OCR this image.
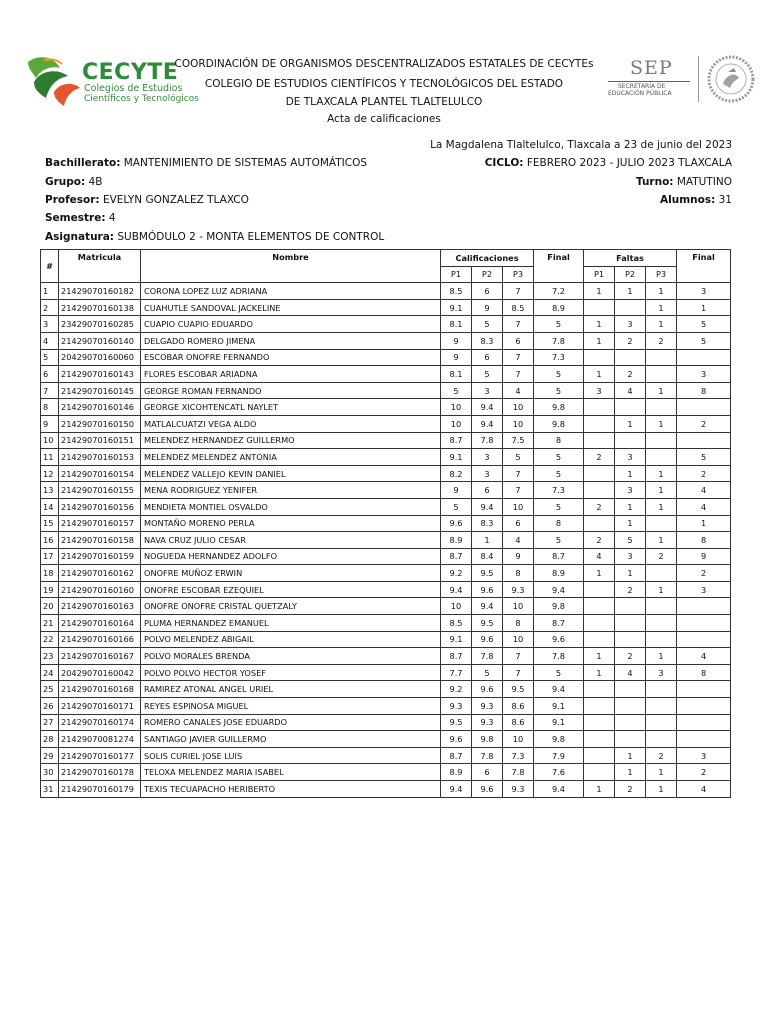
CECYTE
Colegios de Estudios
Científicos y Tecnológicos
SEP
SECRETARÍA DE
EDUCACIÓN PÚBLICA
COORDINACIÓN DE ORGANISMOS DESCENTRALIZADOS ESTATALES DE CECYTEs
COLEGIO DE ESTUDIOS CIENTÍFICOS Y TECNOLÓGICOS DEL ESTADO
DE TLAXCALA PLANTEL TLALTELULCO
Acta de calificaciones
La Magdalena Tlaltelulco, Tlaxcala a 23 de junio del 2023
Bachillerato: MANTENIMIENTO DE SISTEMAS AUTOMÁTICOS	CICLO: FEBRERO 2023 - JULIO 2023 TLAXCALA
Grupo: 4B	Turno: MATUTINO
Profesor: EVELYN GONZALEZ TLAXCO	Alumnos: 31
Semestre: 4
Asignatura: SUBMÓDULO 2 - MONTA ELEMENTOS DE CONTROL
#	Matricula	Nombre	Calificaciones			Final	Faltas			Final
			P1	P2	P3		P1	P2	P3	
1	21429070160182	CORONA LOPEZ LUZ ADRIANA	8.5	6	7	7.2	1	1	1	3
2	21429070160138	CUAHUTLE SANDOVAL JACKELINE	9.1	9	8.5	8.9			1	1
3	23429070160285	CUAPIO CUAPIO EDUARDO	8.1	5	7	5	1	3	1	5
4	21429070160140	DELGADO ROMERO JIMENA	9	8.3	6	7.8	1	2	2	5
5	20429070160060	ESCOBAR ONOFRE FERNANDO	9	6	7	7.3				
6	21429070160143	FLORES ESCOBAR ARIADNA	8.1	5	7	5	1	2		3
7	21429070160145	GEORGE ROMAN FERNANDO	5	3	4	5	3	4	1	8
8	21429070160146	GEORGE XICOHTENCATL NAYLET	10	9.4	10	9.8				
9	21429070160150	MATLALCUATZI VEGA ALDO	10	9.4	10	9.8		1	1	2
10	21429070160151	MELENDEZ HERNANDEZ GUILLERMO	8.7	7.8	7.5	8				
11	21429070160153	MELENDEZ MELENDEZ ANTONIA	9.1	3	5	5	2	3		5
12	21429070160154	MELENDEZ VALLEJO KEVIN DANIEL	8.2	3	7	5		1	1	2
13	21429070160155	MENA RODRIGUEZ YENIFER	9	6	7	7.3		3	1	4
14	21429070160156	MENDIETA MONTIEL OSVALDO	5	9.4	10	5	2	1	1	4
15	21429070160157	MONTAÑO MORENO PERLA	9.6	8.3	6	8		1		1
16	21429070160158	NAVA CRUZ JULIO CESAR	8.9	1	4	5	2	5	1	8
17	21429070160159	NOGUEDA HERNANDEZ ADOLFO	8.7	8.4	9	8.7	4	3	2	9
18	21429070160162	ONOFRE MUÑOZ ERWIN	9.2	9.5	8	8.9	1	1		2
19	21429070160160	ONOFRE ESCOBAR EZEQUIEL	9.4	9.6	9.3	9.4		2	1	3
20	21429070160163	ONOFRE ONOFRE CRISTAL QUETZALY	10	9.4	10	9.8				
21	21429070160164	PLUMA HERNANDEZ EMANUEL	8.5	9.5	8	8.7				
22	21429070160166	POLVO MELENDEZ ABIGAIL	9.1	9.6	10	9.6				
23	21429070160167	POLVO MORALES BRENDA	8.7	7.8	7	7.8	1	2	1	4
24	20429070160042	POLVO POLVO HECTOR YOSEF	7.7	5	7	5	1	4	3	8
25	21429070160168	RAMIREZ ATONAL ANGEL URIEL	9.2	9.6	9.5	9.4				
26	21429070160171	REYES ESPINOSA MIGUEL	9.3	9.3	8.6	9.1				
27	21429070160174	ROMERO CANALES JOSE EDUARDO	9.5	9.3	8.6	9.1				
28	21429070081274	SANTIAGO JAVIER GUILLERMO	9.6	9.8	10	9.8				
29	21429070160177	SOLIS CURIEL JOSE LUIS	8.7	7.8	7.3	7.9		1	2	3
30	21429070160178	TELOXA MELENDEZ MARIA ISABEL	8.9	6	7.8	7.6		1	1	2
31	21429070160179	TEXIS TECUAPACHO HERIBERTO	9.4	9.6	9.3	9.4	1	2	1	4
